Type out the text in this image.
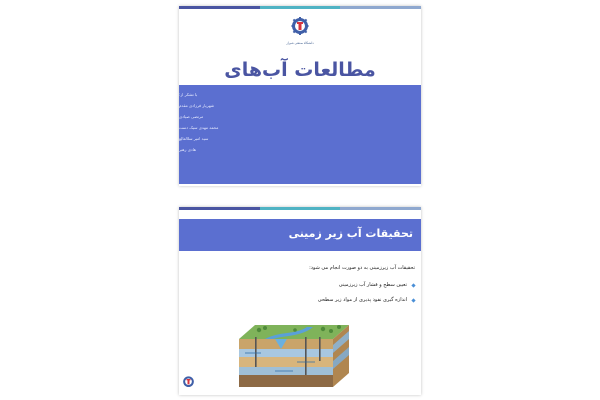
دانشگاه صنعتی شیراز
مطالعات آب‌های
با تشکر از:
شهریار فرزادی مقدم
مرتضی صیادی
محمد مهدی سیک دست
سید امیر سلالعالع
هادی رهبر
تحقیقات آب زیر زمینی
تحقیقات آب زیرزمینی به دو صورت انجام می شود:
تعیین سطح و فشار آب زیرزمینی
اندازه گیری نفوذ پذیری از مواد زیر سطحی
